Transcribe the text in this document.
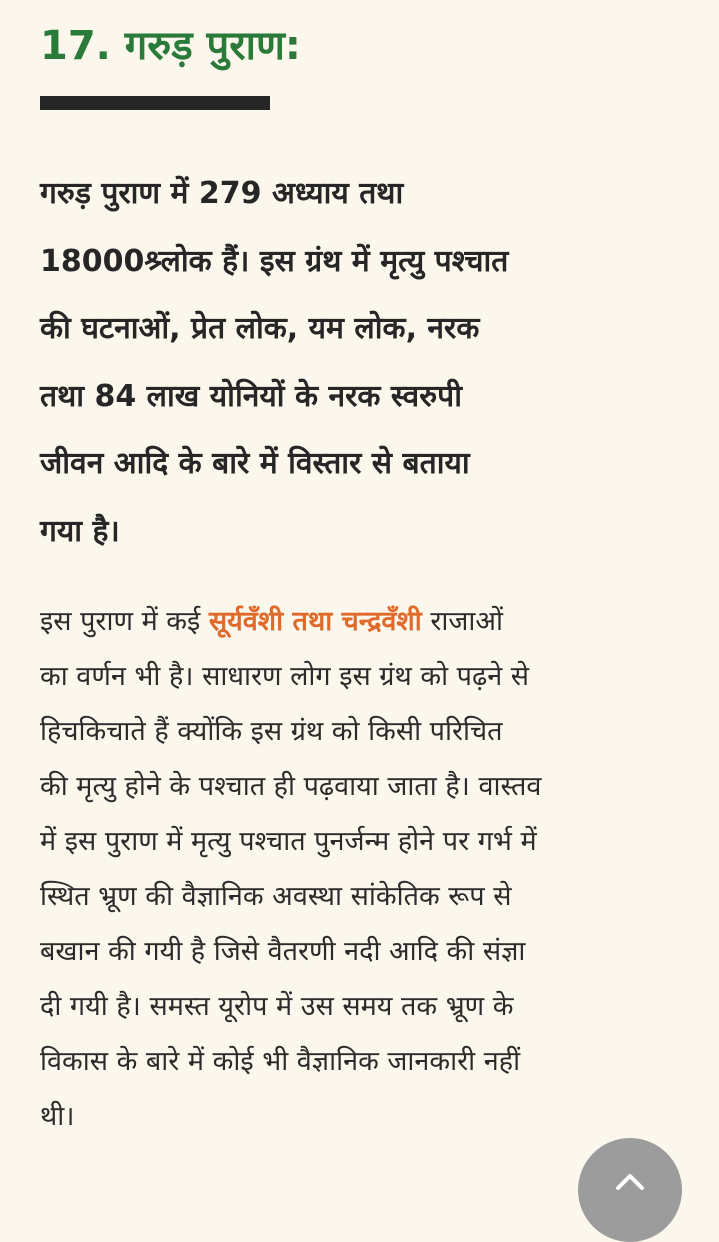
17. गरुड़ पुराण:

गरुड़ पुराण में 279 अध्याय तथा
18000श्र्लोक हैं। इस ग्रंथ में मृत्यु पश्चात
की घटनाओं, प्रेत लोक, यम लोक, नरक
तथा 84 लाख योनियों के नरक स्वरुपी
जीवन आदि के बारे में विस्तार से बताया
गया है।

इस पुराण में कई सूर्यवँशी तथा चन्द्रवँशी राजाओं
का वर्णन भी है। साधारण लोग इस ग्रंथ को पढ़ने से
हिचकिचाते हैं क्योंकि इस ग्रंथ को किसी परिचित
की मृत्यु होने के पश्चात ही पढ़वाया जाता है। वास्तव
में इस पुराण में मृत्यु पश्चात पुनर्जन्म होने पर गर्भ में
स्थित भ्रूण की वैज्ञानिक अवस्था सांकेतिक रूप से
बखान की गयी है जिसे वैतरणी नदी आदि की संज्ञा
दी गयी है। समस्त यूरोप में उस समय तक भ्रूण के
विकास के बारे में कोई भी वैज्ञानिक जानकारी नहीं
थी।
